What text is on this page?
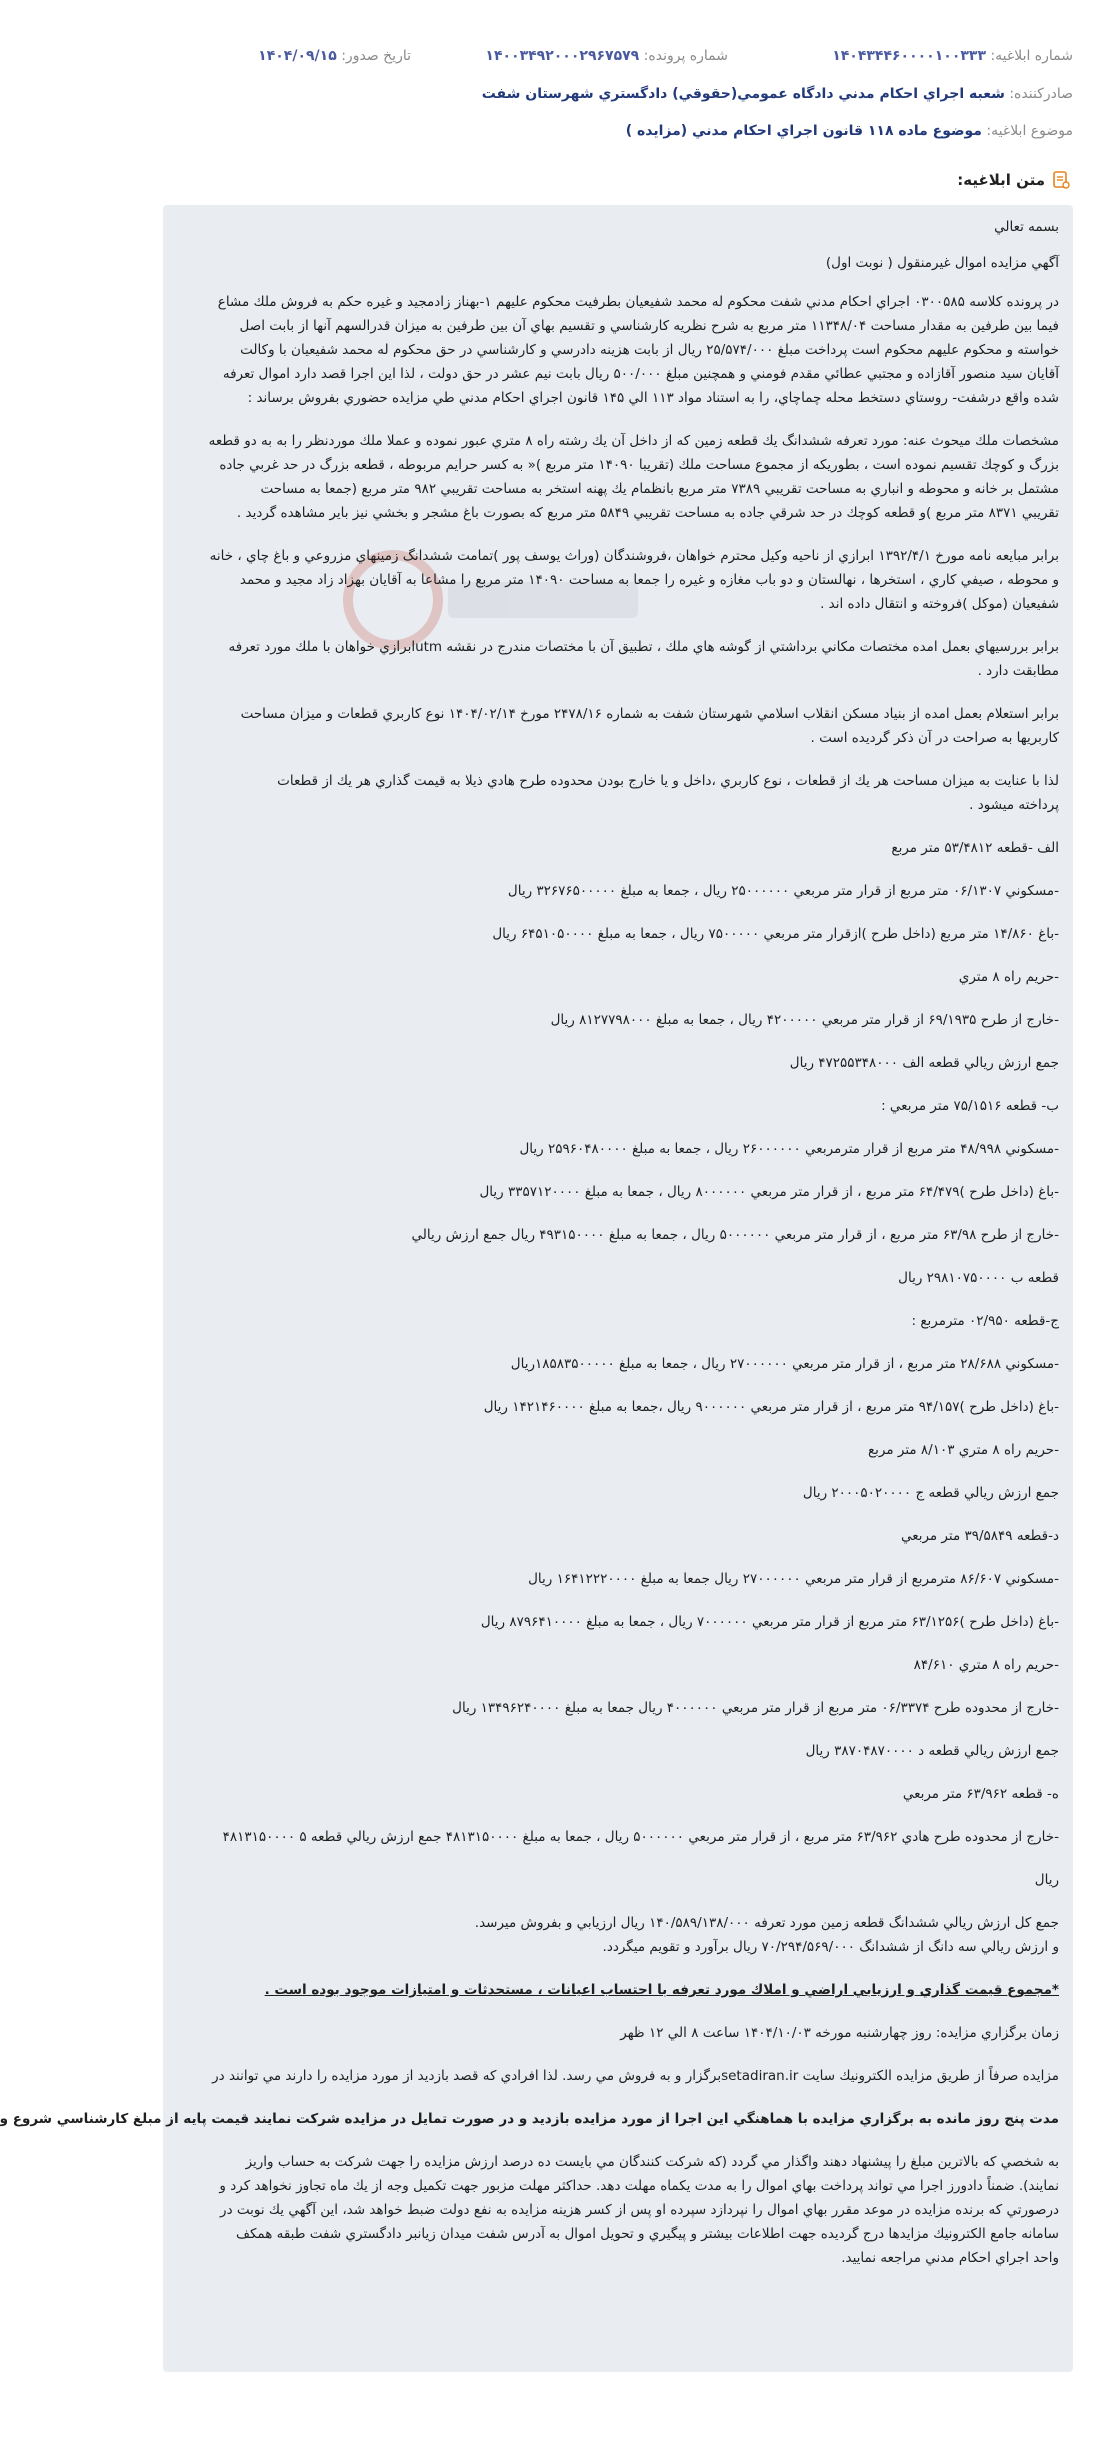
شماره ابلاغیه: ۱۴۰۴۳۴۴۶۰۰۰۰۱۰۰۳۳۳
شماره پرونده: ۱۴۰۰۳۴۹۲۰۰۰۲۹۶۷۵۷۹
تاریخ صدور: ۱۴۰۴/۰۹/۱۵
صادرکننده: شعبه اجراي احكام مدني دادگاه عمومي(حقوقي) دادگستري شهرستان شفت
موضوع ابلاغیه: موضوع ماده ۱۱۸ قانون اجراي احكام مدني (مزايده )
متن ابلاغیه:
بسمه تعالي
آگهي مزايده اموال غيرمنقول ( نوبت اول)
در پرونده كلاسه ۰۳۰۰۵۸۵ اجراي احكام مدني شفت محكوم له محمد شفيعيان بطرفيت محكوم عليهم ۱-بهناز زادمجيد و غيره حكم به فروش ملك مشاع
فيما بين طرفين به مقدار مساحت ۱۱۳۴۸/۰۴ متر مربع به شرح نظريه كارشناسي و تقسيم بهاي آن بين طرفين به ميزان قدرالسهم آنها از بابت اصل
خواسته و محكوم عليهم محكوم است پرداخت مبلغ ۲۵/۵۷۴/۰۰۰ ريال از بابت هزينه دادرسي و كارشناسي در حق محكوم له محمد شفيعيان با وكالت
آقايان سيد منصور آقازاده و مجتبي عطائي مقدم فومني و همچنين مبلغ ۵۰۰/۰۰۰ ريال بابت نيم عشر در حق دولت ، لذا اين اجرا قصد دارد اموال تعرفه
شده واقع درشفت- روستاي دستخط محله چماچاي، را به استناد مواد ۱۱۳ الي ۱۴۵ قانون اجراي احكام مدني طي مزايده حضوري بفروش برساند :
مشخصات ملك ميحوث عنه: مورد تعرفه ششدانگ يك قطعه زمين كه از داخل آن يك رشته راه ۸ متري عبور نموده و عملا ملك موردنظر را به به دو قطعه
بزرگ و كوچك تقسيم نموده است ، بطوريكه از مجموع مساحت ملك (تقريبا ۱۴۰۹۰ متر مربع )« به كسر حرايم مربوطه ، قطعه بزرگ در حد غربي جاده
مشتمل بر خانه و محوطه و انباري به مساحت تقريبي ۷۳۸۹ متر مربع بانظمام يك پهنه استخر به مساحت تقريبي ۹۸۲ متر مربع (جمعا به مساحت
تقريبي ۸۳۷۱ متر مربع )و قطعه كوچك در حد شرقي جاده به مساحت تقريبي ۵۸۴۹ متر مربع كه بصورت باغ مشجر و بخشي نيز باير مشاهده گرديد .
برابر مبايعه نامه مورخ ۱۳۹۲/۴/۱ ابرازي از ناحيه وكيل محترم خواهان ،فروشندگان (وراث يوسف پور )تمامت ششدانگ زمينهاي مزروعي و باغ چاي ، خانه
و محوطه ، صيفي كاري ، استخرها ، نهالستان و دو باب مغازه و غيره را جمعا به مساحت ۱۴۰۹۰ متر مربع را مشاعا به آقايان بهزاد زاد مجيد و محمد
شفيعيان (موكل )فروخته و انتقال داده اند .
برابر بررسيهاي بعمل امده مختصات مكاني برداشتي از گوشه هاي ملك ، تطبيق آن با مختصات مندرج در نقشه utmابرازي خواهان با ملك مورد تعرفه
مطابقت دارد .
برابر استعلام بعمل امده از بنياد مسكن انقلاب اسلامي شهرستان شفت به شماره ۲۴۷۸/۱۶ مورخ ۱۴۰۴/۰۲/۱۴ نوع كاربري قطعات و ميزان مساحت
كاربريها به صراحت در آن ذكر گرديده است .
لذا با عنايت به ميزان مساحت هر يك از قطعات ، نوع كاربري ،داخل و يا خارج بودن محدوده طرح هادي ذيلا به قيمت گذاري هر يك از قطعات
پرداخته ميشود .
الف -قطعه ۵۳/۴۸۱۲ متر مربع
-مسكوني ۰۶/۱۳۰۷ متر مربع از قرار متر مربعي ۲۵۰۰۰۰۰۰ ريال ، جمعا به مبلغ ۳۲۶۷۶۵۰۰۰۰۰ ريال
-باغ ۱۴/۸۶۰ متر مربع (داخل طرح )ازقرار متر مربعي ۷۵۰۰۰۰۰ ريال ، جمعا به مبلغ ۶۴۵۱۰۵۰۰۰۰ ريال
-حريم راه ۸ متري
-خارج از طرح ۶۹/۱۹۳۵ از قرار متر مربعي ۴۲۰۰۰۰۰ ريال ، جمعا به مبلغ ۸۱۲۷۷۹۸۰۰۰ ريال
جمع ارزش ريالي قطعه الف ۴۷۲۵۵۳۴۸۰۰۰ ريال
ب- قطعه ۷۵/۱۵۱۶ متر مربعي :
-مسكوني ۴۸/۹۹۸ متر مربع از قرار مترمربعي ۲۶۰۰۰۰۰۰ ريال ، جمعا به مبلغ ۲۵۹۶۰۴۸۰۰۰۰ ريال
-باغ (داخل طرح )۶۴/۴۷۹ متر مربع ، از قرار متر مربعي ۸۰۰۰۰۰۰ ريال ، جمعا به مبلغ ۳۳۵۷۱۲۰۰۰۰ ريال
-خارج از طرح ۶۳/۹۸ متر مربع ، از قرار متر مربعي ۵۰۰۰۰۰۰ ريال ، جمعا به مبلغ ۴۹۳۱۵۰۰۰۰ ريال جمع ارزش ريالي
قطعه ب ۲۹۸۱۰۷۵۰۰۰۰ ريال
ج-قطعه ۰۲/۹۵۰ مترمربع :
-مسكوني ۲۸/۶۸۸ متر مربع ، از قرار متر مربعي ۲۷۰۰۰۰۰۰ ريال ، جمعا به مبلغ ۱۸۵۸۳۵۰۰۰۰۰ريال
-باغ (داخل طرح )۹۴/۱۵۷ متر مربع ، از قرار متر مربعي ۹۰۰۰۰۰۰ ريال ،جمعا به مبلغ ۱۴۲۱۴۶۰۰۰۰ ريال
-حريم راه ۸ متري ۸/۱۰۳ متر مربع
جمع ارزش ريالي قطعه ج ۲۰۰۰۵۰۲۰۰۰۰ ريال
د-قطعه ۳۹/۵۸۴۹ متر مربعي
-مسكوني ۸۶/۶۰۷ مترمربع از قرار متر مربعي ۲۷۰۰۰۰۰۰ ريال جمعا به مبلغ ۱۶۴۱۲۲۲۰۰۰۰ ريال
-باغ (داخل طرح )۶۳/۱۲۵۶ متر مربع از قرار متر مربعي ۷۰۰۰۰۰۰ ريال ، جمعا به مبلغ ۸۷۹۶۴۱۰۰۰۰ ريال
-حريم راه ۸ متري ۸۴/۶۱۰
-خارج از محدوده طرح ۰۶/۳۳۷۴ متر مربع از قرار متر مربعي ۴۰۰۰۰۰۰ ريال جمعا به مبلغ ۱۳۴۹۶۲۴۰۰۰۰ ريال
جمع ارزش ريالي قطعه د ۳۸۷۰۴۸۷۰۰۰۰ ريال
ه- قطعه ۶۳/۹۶۲ متر مربعي
-خارج از محدوده طرح هادي ۶۳/۹۶۲ متر مربع ، از قرار متر مربعي ۵۰۰۰۰۰۰ ريال ، جمعا به مبلغ ۴۸۱۳۱۵۰۰۰۰ جمع ارزش ريالي قطعه ۵ ۴۸۱۳۱۵۰۰۰۰
ريال
جمع كل ارزش ريالي ششدانگ قطعه زمين مورد تعرفه ۱۴۰/۵۸۹/۱۳۸/۰۰۰ ريال ارزيابي و بفروش ميرسد.
و ارزش ريالي سه دانگ از ششدانگ ۷۰/۲۹۴/۵۶۹/۰۰۰ ريال برآورد و تقويم ميگردد.
*مجموع قيمت گذاري و ارزيابي اراضي و املاك مورد تعرفه با احتساب اعيانات ، مستحدثات و امتيازات موجود بوده است .
زمان برگزاري مزايده: روز چهارشنبه مورخه ۱۴۰۴/۱۰/۰۳ ساعت ۸ الي ۱۲ ظهر
مزايده صرفاً از طريق مزايده الكترونيك سايت setadiran.irبرگزار و به فروش مي رسد. لذا افرادي كه قصد بازديد از مورد مزايده را دارند مي توانند در
مدت پنج روز مانده به برگزاري مزايده با هماهنگي اين اجرا از مورد مزايده بازديد و در صورت تمايل در مزايده شركت نمايند قيمت پايه از مبلغ كارشناسي شروع و
به شخصي كه بالاترين مبلغ را پيشنهاد دهند واگذار مي گردد (كه شركت كنندگان مي بايست ده درصد ارزش مزايده را جهت شركت به حساب واريز
نمايند). ضمناً دادورز اجرا مي تواند پرداخت بهاي اموال را به مدت يكماه مهلت دهد. حداكثر مهلت مزبور جهت تكميل وجه از يك ماه تجاوز نخواهد كرد و
درصورتي كه برنده مزايده در موعد مقرر بهاي اموال را نپردازد سپرده او پس از كسر هزينه مزايده به نفع دولت ضبط خواهد شد، اين آگهي يك نوبت در
سامانه جامع الكترونيك مزايدها درج گرديده جهت اطلاعات بيشتر و پيگيري و تحويل اموال به آدرس شفت ميدان زيانبر دادگستري شفت طبقه همكف
واحد اجراي احكام مدني مراجعه نماييد.
